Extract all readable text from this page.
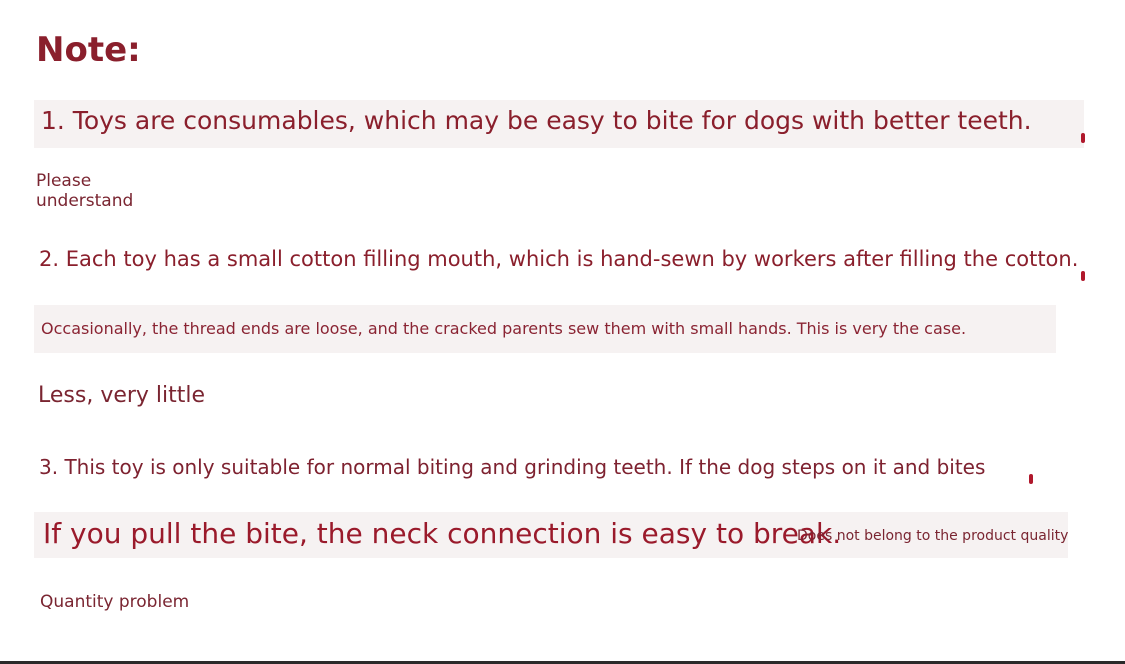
Note:

1. Toys are consumables, which may be easy to bite for dogs with better teeth.

Please understand

2. Each toy has a small cotton filling mouth, which is hand-sewn by workers after filling the cotton.

Occasionally, the thread ends are loose, and the cracked parents sew them with small hands. This is very the case.

Less, very little

3. This toy is only suitable for normal biting and grinding teeth. If the dog steps on it and bites

If you pull the bite, the neck connection is easy to break.

Does not belong to the product quality

Quantity problem
